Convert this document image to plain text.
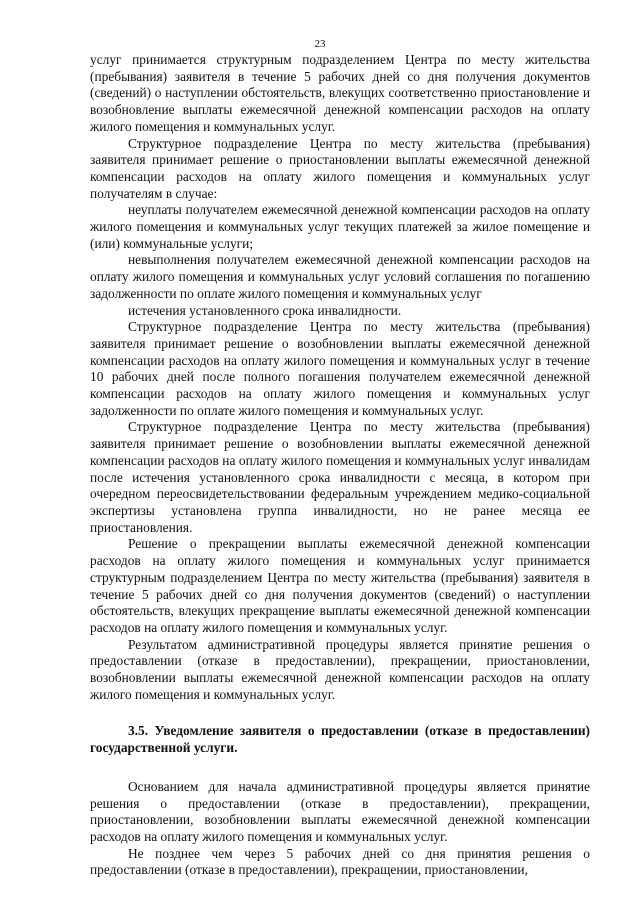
23

услуг принимается структурным подразделением Центра по месту жительства (пребывания) заявителя в течение 5 рабочих дней со дня получения документов (сведений) о наступлении обстоятельств, влекущих соответственно приостановление и возобновление выплаты ежемесячной денежной компенсации расходов на оплату жилого помещения и коммунальных услуг.

Структурное подразделение Центра по месту жительства (пребывания) заявителя принимает решение о приостановлении выплаты ежемесячной денежной компенсации расходов на оплату жилого помещения и коммунальных услуг получателям в случае:

неуплаты получателем ежемесячной денежной компенсации расходов на оплату жилого помещения и коммунальных услуг текущих платежей за жилое помещение и (или) коммунальные услуги;

невыполнения получателем ежемесячной денежной компенсации расходов на оплату жилого помещения и коммунальных услуг условий соглашения по погашению задолженности по оплате жилого помещения и коммунальных услуг

истечения установленного срока инвалидности.

Структурное подразделение Центра по месту жительства (пребывания) заявителя принимает решение о возобновлении выплаты ежемесячной денежной компенсации расходов на оплату жилого помещения и коммунальных услуг в течение 10 рабочих дней после полного погашения получателем ежемесячной денежной компенсации расходов на оплату жилого помещения и коммунальных услуг задолженности по оплате жилого помещения и коммунальных услуг.

Структурное подразделение Центра по месту жительства (пребывания) заявителя принимает решение о возобновлении выплаты ежемесячной денежной компенсации расходов на оплату жилого помещения и коммунальных услуг инвалидам после истечения установленного срока инвалидности с месяца, в котором при очередном переосвидетельствовании федеральным учреждением медико-социальной экспертизы установлена группа инвалидности, но не ранее месяца ее приостановления.

Решение о прекращении выплаты ежемесячной денежной компенсации расходов на оплату жилого помещения и коммунальных услуг принимается структурным подразделением Центра по месту жительства (пребывания) заявителя в течение 5 рабочих дней со дня получения документов (сведений) о наступлении обстоятельств, влекущих прекращение выплаты ежемесячной денежной компенсации расходов на оплату жилого помещения и коммунальных услуг.

Результатом административной процедуры является принятие решения о предоставлении (отказе в предоставлении), прекращении, приостановлении, возобновлении выплаты ежемесячной денежной компенсации расходов на оплату жилого помещения и коммунальных услуг.

3.5. Уведомление заявителя о предоставлении (отказе в предоставлении) государственной услуги.

Основанием для начала административной процедуры является принятие решения о предоставлении (отказе в предоставлении), прекращении, приостановлении, возобновлении выплаты ежемесячной денежной компенсации расходов на оплату жилого помещения и коммунальных услуг.

Не позднее чем через 5 рабочих дней со дня принятия решения о предоставлении (отказе в предоставлении), прекращении, приостановлении,
